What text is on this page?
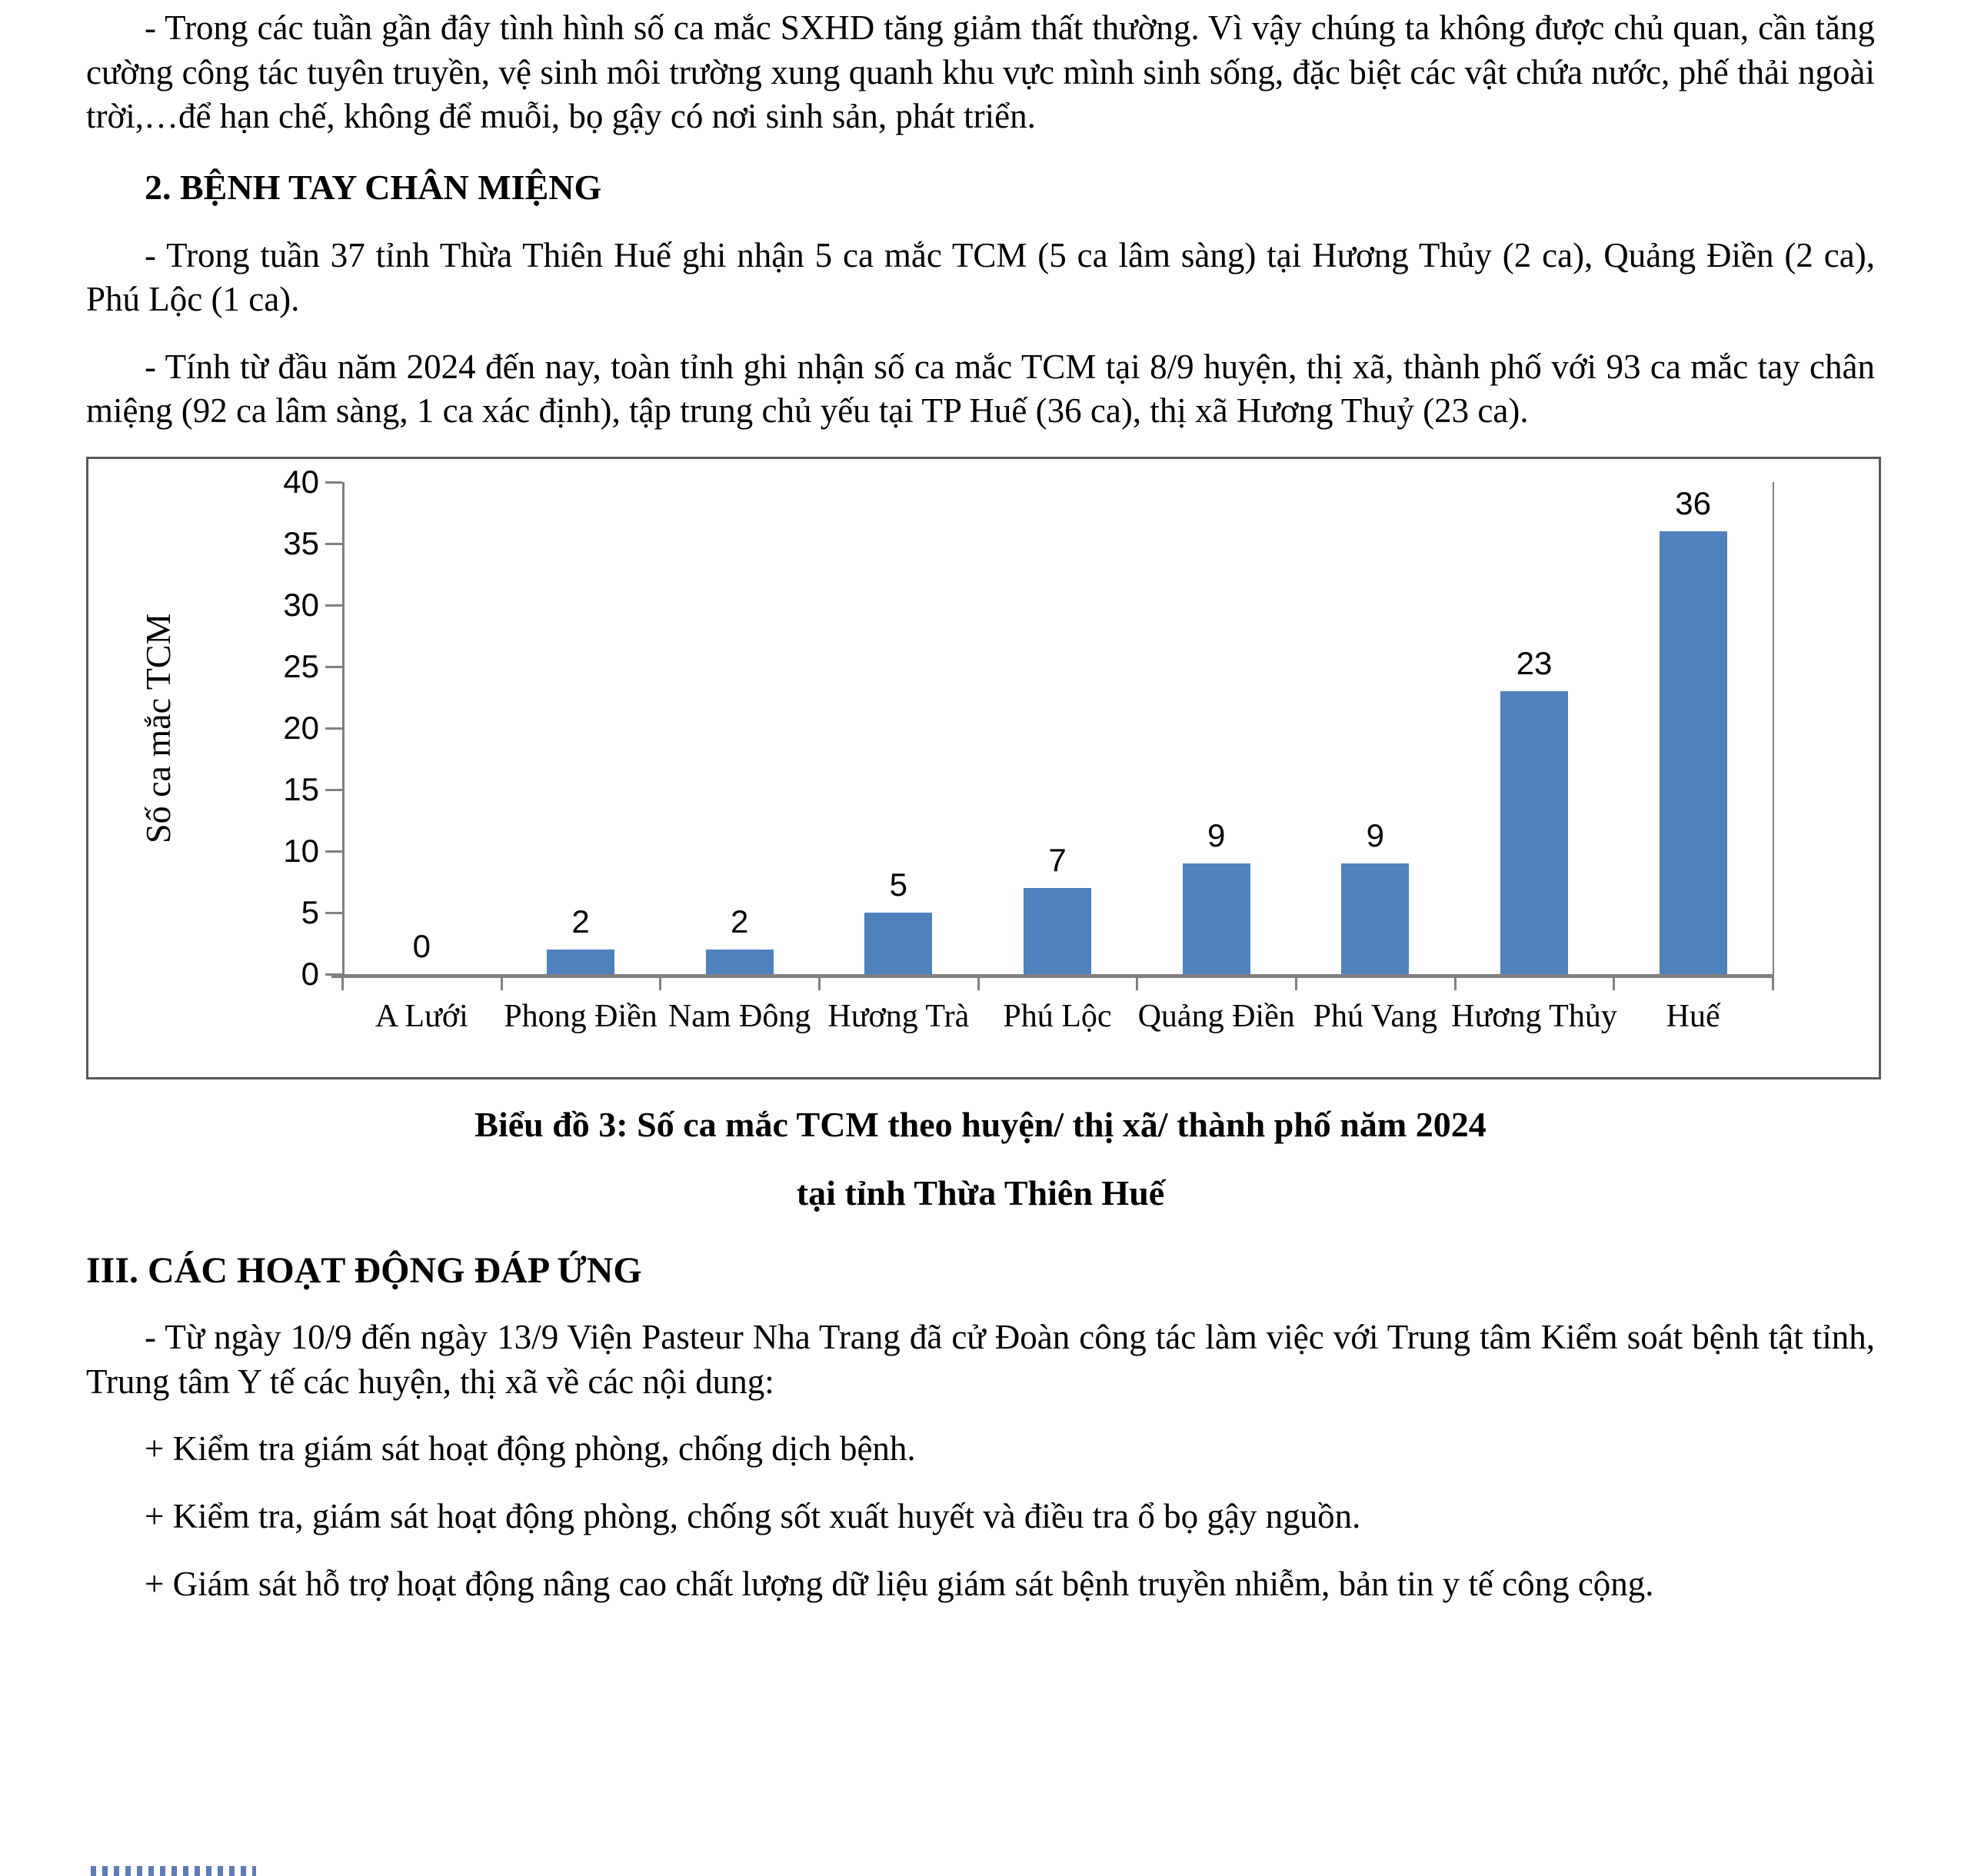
- Trong các tuần gần đây tình hình số ca mắc SXHD tăng giảm thất thường. Vì vậy chúng ta không được chủ quan, cần tăng cường công tác tuyên truyền, vệ sinh môi trường xung quanh khu vực mình sinh sống, đặc biệt các vật chứa nước, phế thải ngoài trời,…để hạn chế, không để muỗi, bọ gậy có nơi sinh sản, phát triển.

2. BỆNH TAY CHÂN MIỆNG

- Trong tuần 37 tỉnh Thừa Thiên Huế ghi nhận 5 ca mắc TCM (5 ca lâm sàng) tại Hương Thủy (2 ca), Quảng Điền (2 ca), Phú Lộc (1 ca).

- Tính từ đầu năm 2024 đến nay, toàn tỉnh ghi nhận số ca mắc TCM tại 8/9 huyện, thị xã, thành phố với 93 ca mắc tay chân miệng (92 ca lâm sàng, 1 ca xác định), tập trung chủ yếu tại TP Huế (36 ca), thị xã Hương Thuỷ (23 ca).

Số ca mắc TCM
0
5
10
15
20
25
30
35
40
0
A Lưới
2
Phong Điền
2
Nam Đông
5
Hương Trà
7
Phú Lộc
9
Quảng Điền
9
Phú Vang
23
Hương Thủy
36
Huế

Biểu đồ 3: Số ca mắc TCM theo huyện/ thị xã/ thành phố năm 2024

tại tỉnh Thừa Thiên Huế

III. CÁC HOẠT ĐỘNG ĐÁP ỨNG

- Từ ngày 10/9 đến ngày 13/9 Viện Pasteur Nha Trang đã cử Đoàn công tác làm việc với Trung tâm Kiểm soát bệnh tật tỉnh, Trung tâm Y tế các huyện, thị xã về các nội dung:

+ Kiểm tra giám sát hoạt động phòng, chống dịch bệnh.

+ Kiểm tra, giám sát hoạt động phòng, chống sốt xuất huyết và điều tra ổ bọ gậy nguồn.

+ Giám sát hỗ trợ hoạt động nâng cao chất lượng dữ liệu giám sát bệnh truyền nhiễm, bản tin y tế công cộng.
